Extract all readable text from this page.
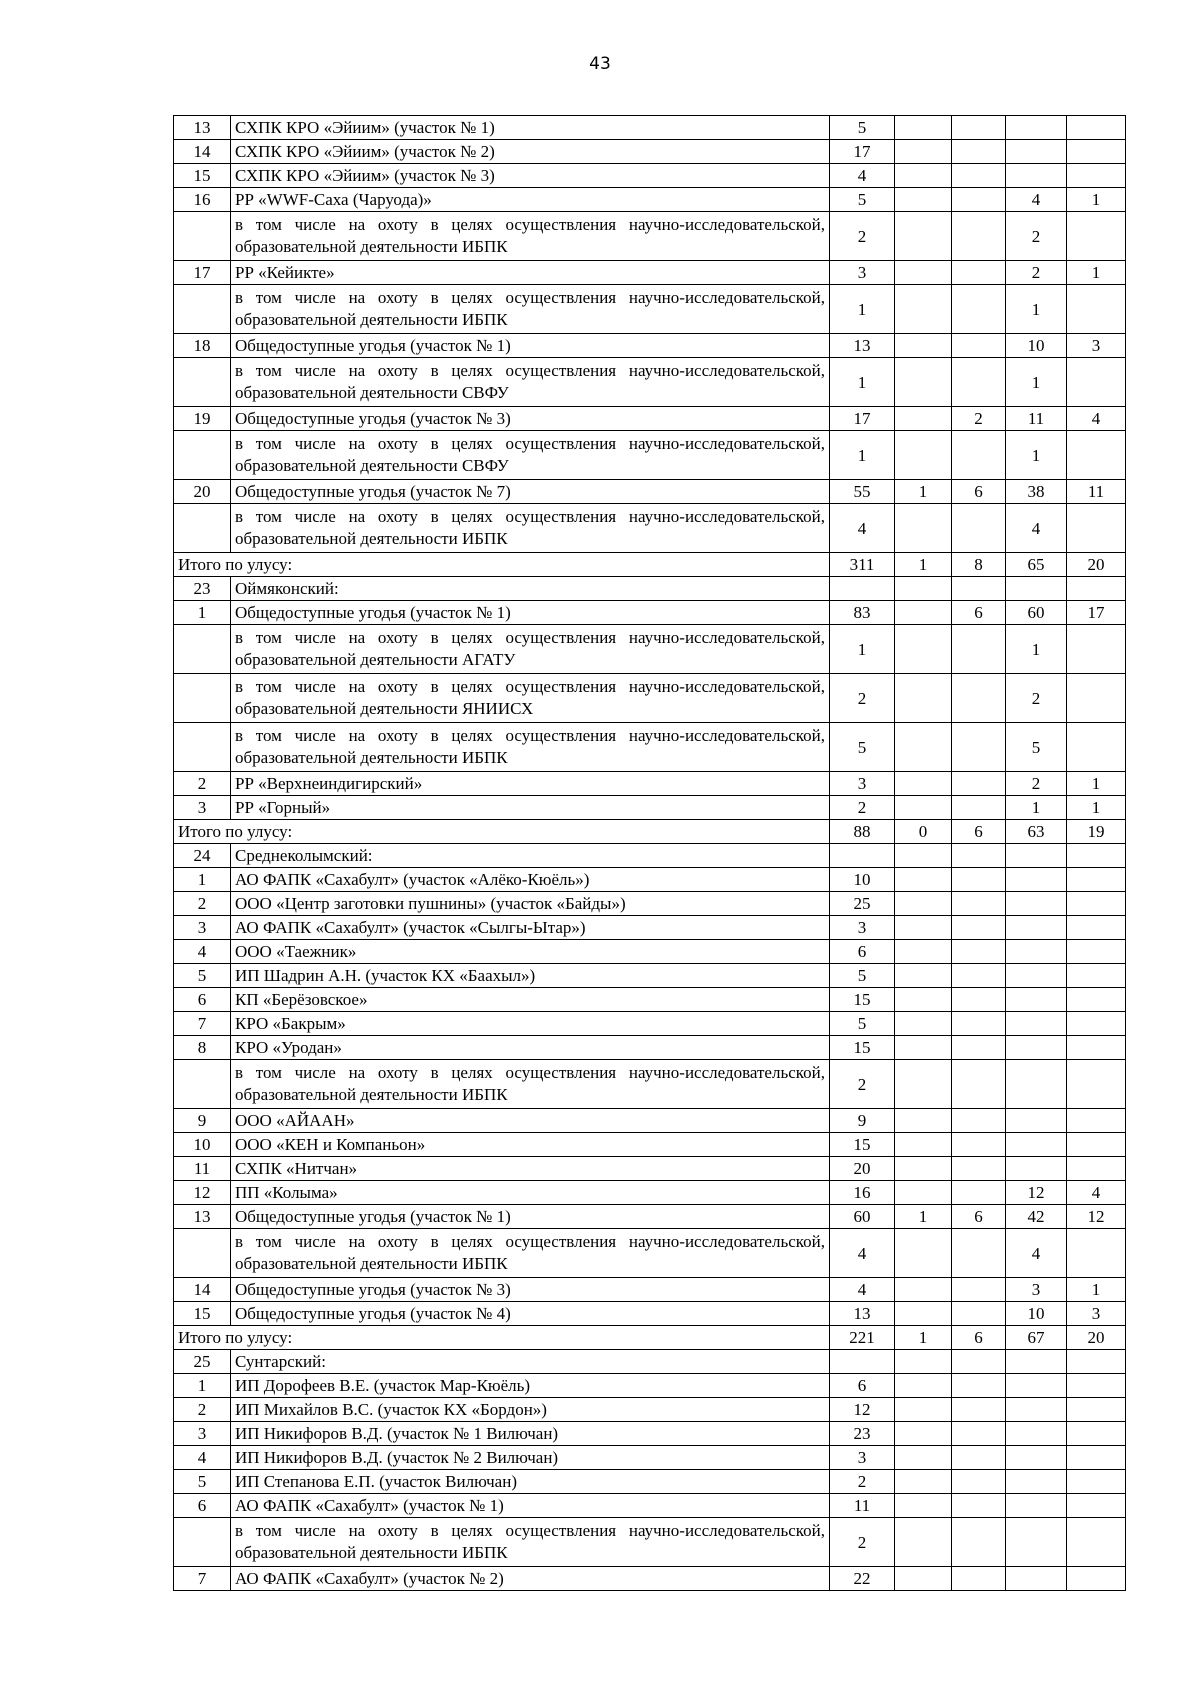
43
13	СХПК КРО «Эйиим» (участок № 1)	5				
14	СХПК КРО «Эйиим» (участок № 2)	17				
15	СХПК КРО «Эйиим» (участок № 3)	4				
16	РР «WWF-Саха (Чаруода)»	5			4	1
	в том числе на охоту в целях осуществления научно-исследовательской, образовательной деятельности ИБПК	2			2	
17	РР «Кейикте»	3			2	1
	в том числе на охоту в целях осуществления научно-исследовательской, образовательной деятельности ИБПК	1			1	
18	Общедоступные угодья (участок № 1)	13			10	3
	в том числе на охоту в целях осуществления научно-исследовательской, образовательной деятельности СВФУ	1			1	
19	Общедоступные угодья (участок № 3)	17		2	11	4
	в том числе на охоту в целях осуществления научно-исследовательской, образовательной деятельности СВФУ	1			1	
20	Общедоступные угодья (участок № 7)	55	1	6	38	11
	в том числе на охоту в целях осуществления научно-исследовательской, образовательной деятельности ИБПК	4			4	
Итого по улусу:		311	1	8	65	20
23	Оймяконский:					
1	Общедоступные угодья (участок № 1)	83		6	60	17
	в том числе на охоту в целях осуществления научно-исследовательской, образовательной деятельности АГАТУ	1			1	
	в том числе на охоту в целях осуществления научно-исследовательской, образовательной деятельности ЯНИИСХ	2			2	
	в том числе на охоту в целях осуществления научно-исследовательской, образовательной деятельности ИБПК	5			5	
2	РР «Верхнеиндигирский»	3			2	1
3	РР «Горный»	2			1	1
Итого по улусу:		88	0	6	63	19
24	Среднеколымский:					
1	АО ФАПК «Сахабулт» (участок «Алёко-Кюёль»)	10				
2	ООО «Центр заготовки пушнины» (участок «Байды»)	25				
3	АО ФАПК «Сахабулт» (участок «Сылгы-Ытар»)	3				
4	ООО «Таежник»	6				
5	ИП Шадрин А.Н. (участок КХ «Баахыл»)	5				
6	КП «Берёзовское»	15				
7	КРО «Бакрым»	5				
8	КРО «Уродан»	15				
	в том числе на охоту в целях осуществления научно-исследовательской, образовательной деятельности ИБПК	2				
9	ООО «АЙААН»	9				
10	ООО «КЕН и Компаньон»	15				
11	СХПК «Нитчан»	20				
12	ПП «Колыма»	16			12	4
13	Общедоступные угодья (участок № 1)	60	1	6	42	12
	в том числе на охоту в целях осуществления научно-исследовательской, образовательной деятельности ИБПК	4			4	
14	Общедоступные угодья (участок № 3)	4			3	1
15	Общедоступные угодья (участок № 4)	13			10	3
Итого по улусу:		221	1	6	67	20
25	Сунтарский:					
1	ИП Дорофеев В.Е. (участок Мар-Кюёль)	6				
2	ИП Михайлов В.С. (участок КХ «Бордон»)	12				
3	ИП Никифоров В.Д. (участок № 1 Вилючан)	23				
4	ИП Никифоров В.Д. (участок № 2 Вилючан)	3				
5	ИП Степанова Е.П. (участок Вилючан)	2				
6	АО ФАПК «Сахабулт» (участок № 1)	11				
	в том числе на охоту в целях осуществления научно-исследовательской, образовательной деятельности ИБПК	2				
7	АО ФАПК «Сахабулт» (участок № 2)	22				
